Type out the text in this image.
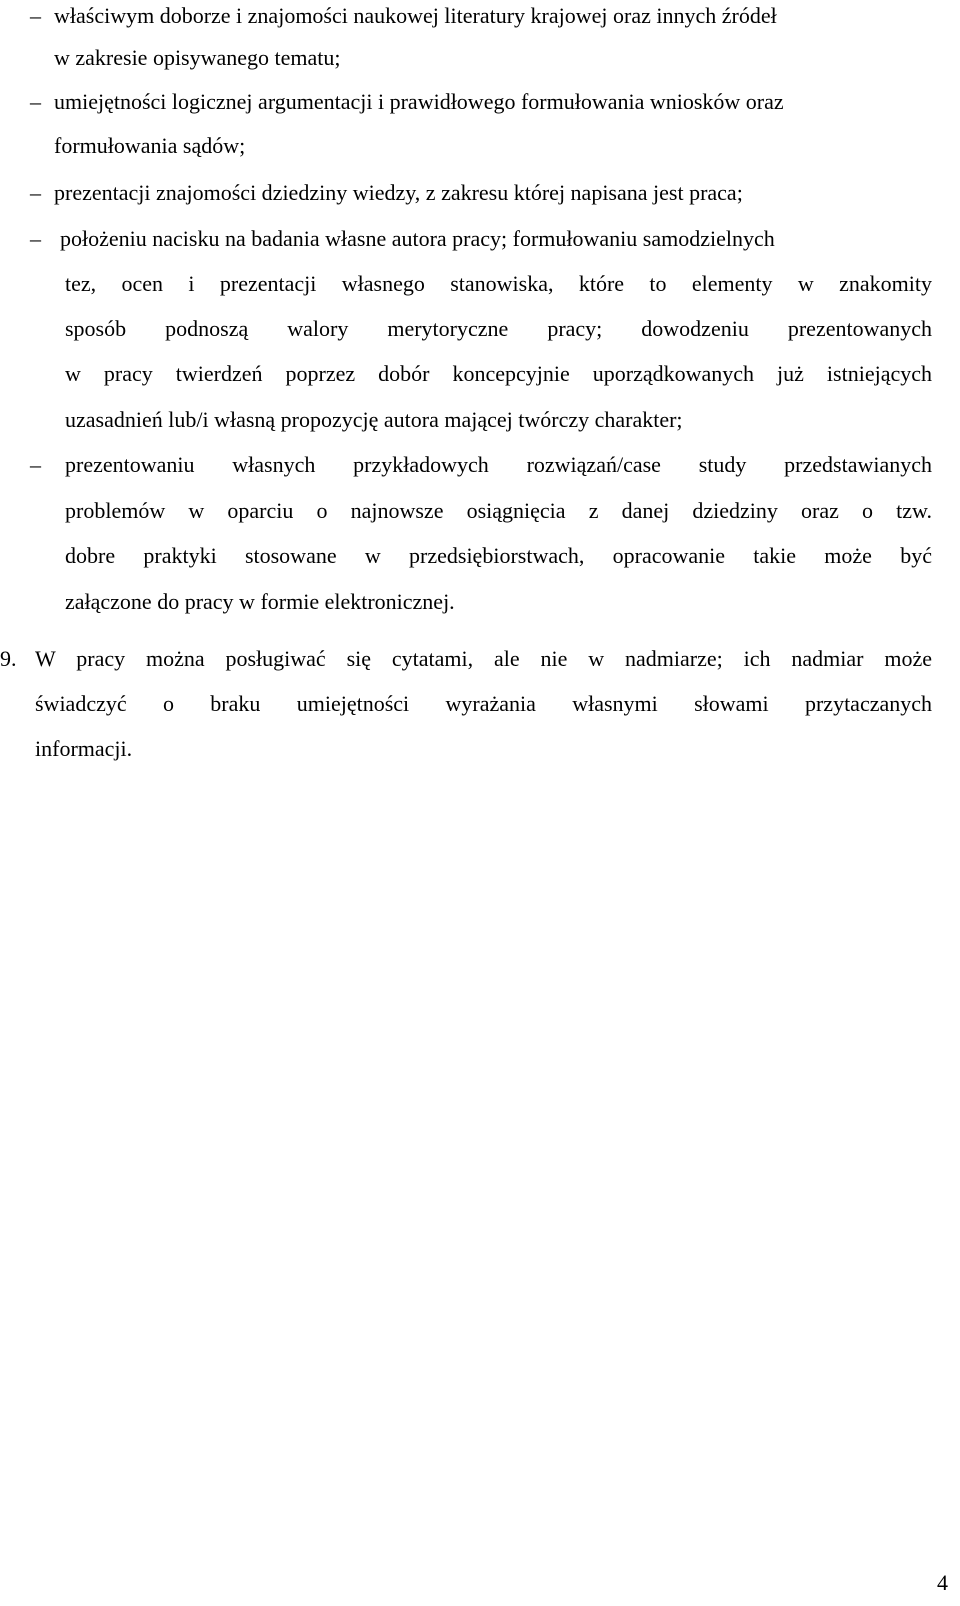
– właściwym doborze i znajomości naukowej literatury krajowej oraz innych źródeł
w zakresie opisywanego tematu;
– umiejętności logicznej argumentacji i prawidłowego formułowania wniosków oraz
formułowania sądów;
– prezentacji znajomości dziedziny wiedzy, z zakresu której napisana jest praca;
– położeniu nacisku na badania własne autora pracy; formułowaniu samodzielnych
tez, ocen i prezentacji własnego stanowiska, które to elementy w znakomity
sposób podnoszą walory merytoryczne pracy; dowodzeniu prezentowanych
w pracy twierdzeń poprzez dobór koncepcyjnie uporządkowanych już istniejących
uzasadnień lub/i własną propozycję autora mającej twórczy charakter;
– prezentowaniu własnych przykładowych rozwiązań/case study przedstawianych
problemów w oparciu o najnowsze osiągnięcia z danej dziedziny oraz o tzw.
dobre praktyki stosowane w przedsiębiorstwach, opracowanie takie może być
załączone do pracy w formie elektronicznej.
9. W pracy można posługiwać się cytatami, ale nie w nadmiarze; ich nadmiar może
świadczyć o braku umiejętności wyrażania własnymi słowami przytaczanych
informacji.
4
